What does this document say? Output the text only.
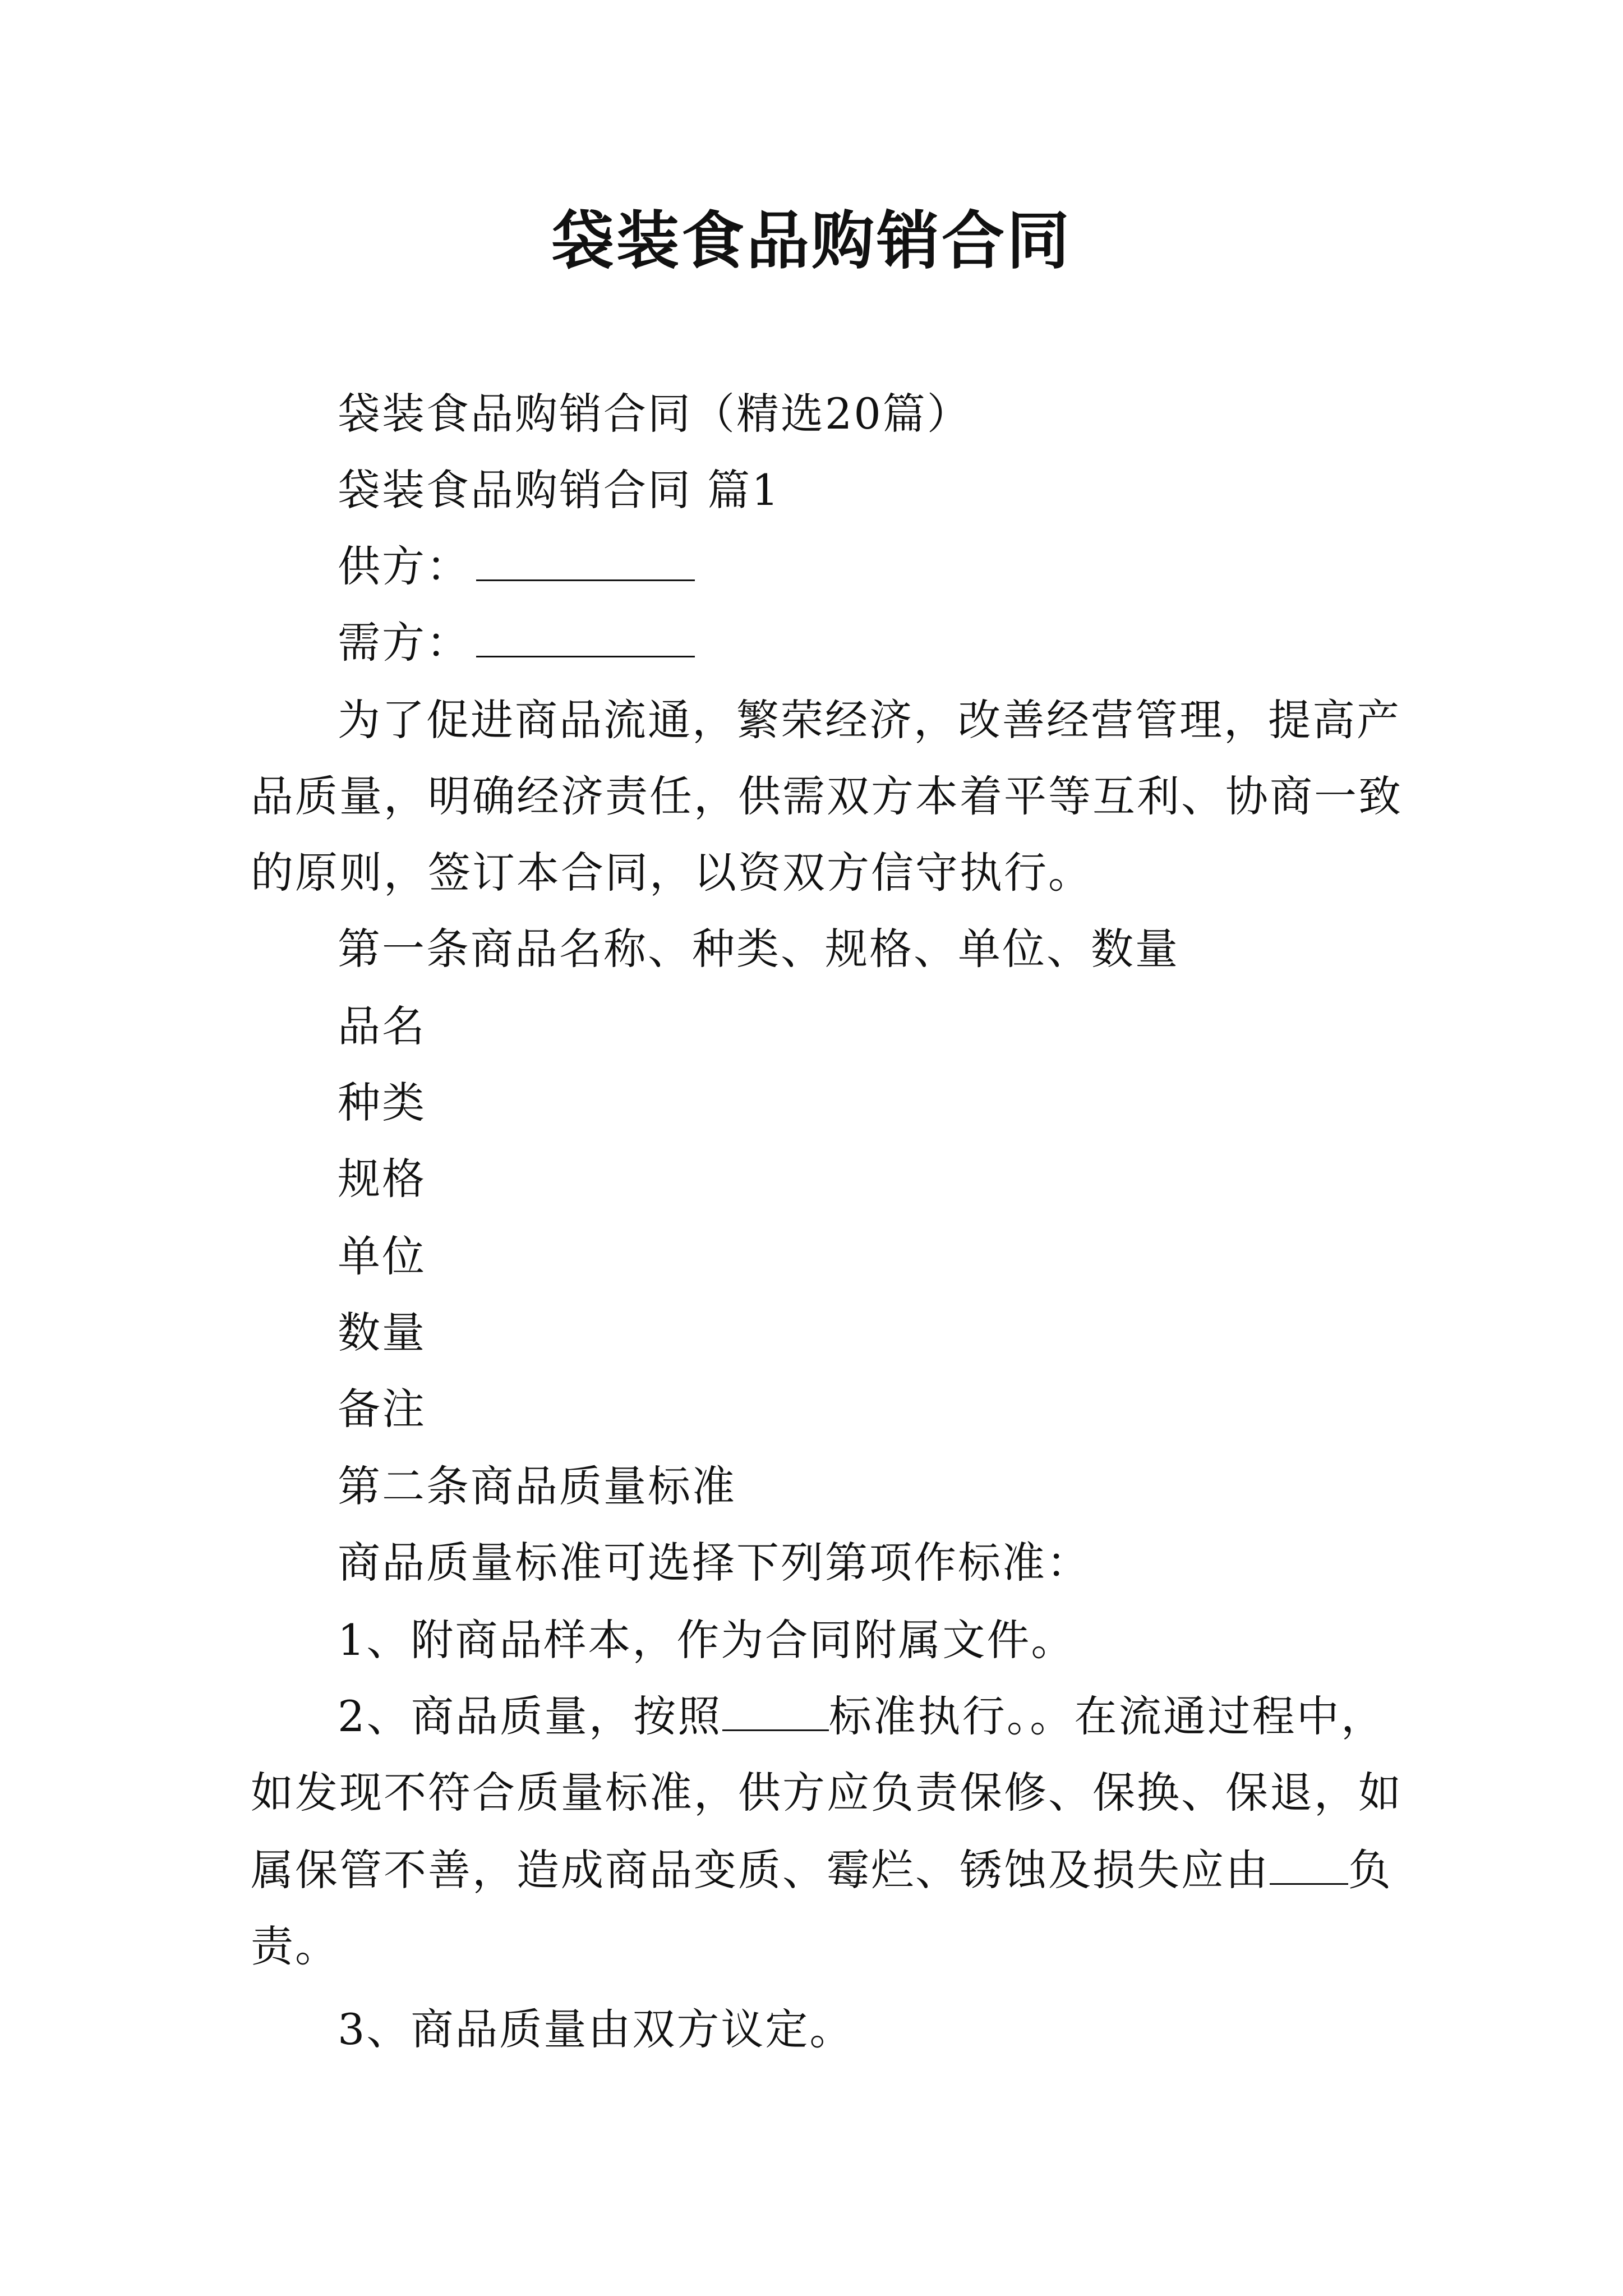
袋装食品购销合同
袋装食品购销合同（精选20篇）
袋装食品购销合同 篇1
供方：
需方：
为了促进商品流通，繁荣经济，改善经营管理，提高产
品质量，明确经济责任，供需双方本着平等互利、协商一致
的原则，签订本合同，以资双方信守执行。
第一条商品名称、种类、规格、单位、数量
品名
种类
规格
单位
数量
备注
第二条商品质量标准
商品质量标准可选择下列第项作标准：
1、附商品样本，作为合同附属文件。
2、商品质量，按照	标准执行。。在流通过程中，
如发现不符合质量标准，供方应负责保修、保换、保退，如
属保管不善，造成商品变质、霉烂、锈蚀及损失应由 负
责。
3、商品质量由双方议定。
